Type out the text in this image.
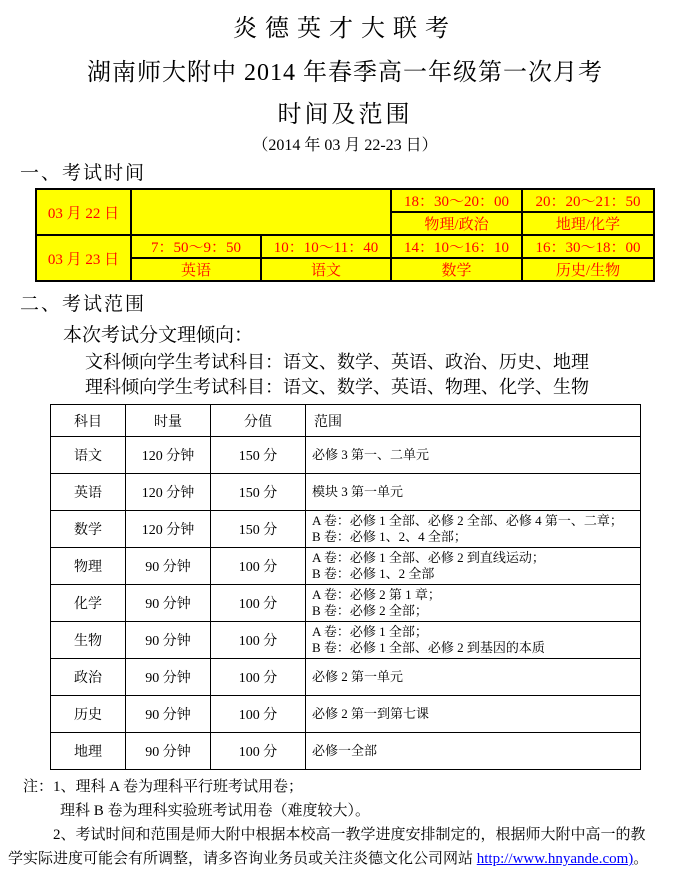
炎德英才大联考
湖南师大附中 2014 年春季高一年级第一次月考
时间及范围
（2014 年 03 月 22-23 日）
一、考试时间
03 月 22 日			18：30～20：00	20：20～21：50
			物理/政治	地理/化学
03 月 23 日	7：50～9：50	10：10～11：40	14：10～16：10	16：30～18：00
	英语	语文	数学	历史/生物
二、考试范围
本次考试分文理倾向：
文科倾向学生考试科目：语文、数学、英语、政治、历史、地理
理科倾向学生考试科目：语文、数学、英语、物理、化学、生物
科目	时量	分值	范围
语文	120 分钟	150 分	必修 3 第一、二单元

英语	120 分钟	150 分	模块 3 第一单元

数学	120 分钟	150 分	A 卷：必修 1 全部、必修 2 全部、必修 4 第一、二章；
B 卷：必修 1、2、4 全部；

物理	90 分钟	100 分	A 卷：必修 1 全部、必修 2 到直线运动；
B 卷：必修 1、2 全部

化学	90 分钟	100 分	A 卷：必修 2 第 1 章；
B 卷：必修 2 全部；

生物	90 分钟	100 分	A 卷：必修 1 全部；
B 卷：必修 1 全部、必修 2 到基因的本质

政治	90 分钟	100 分	必修 2 第一单元

历史	90 分钟	100 分	必修 2 第一到第七课

地理	90 分钟	100 分	必修一全部
注：1、理科 A 卷为理科平行班考试用卷；
理科 B 卷为理科实验班考试用卷（难度较大）。
2、考试时间和范围是师大附中根据本校高一教学进度安排制定的，根据师大附中高一的教
学实际进度可能会有所调整，请多咨询业务员或关注炎德文化公司网站 http://www.hnyande.com)。
